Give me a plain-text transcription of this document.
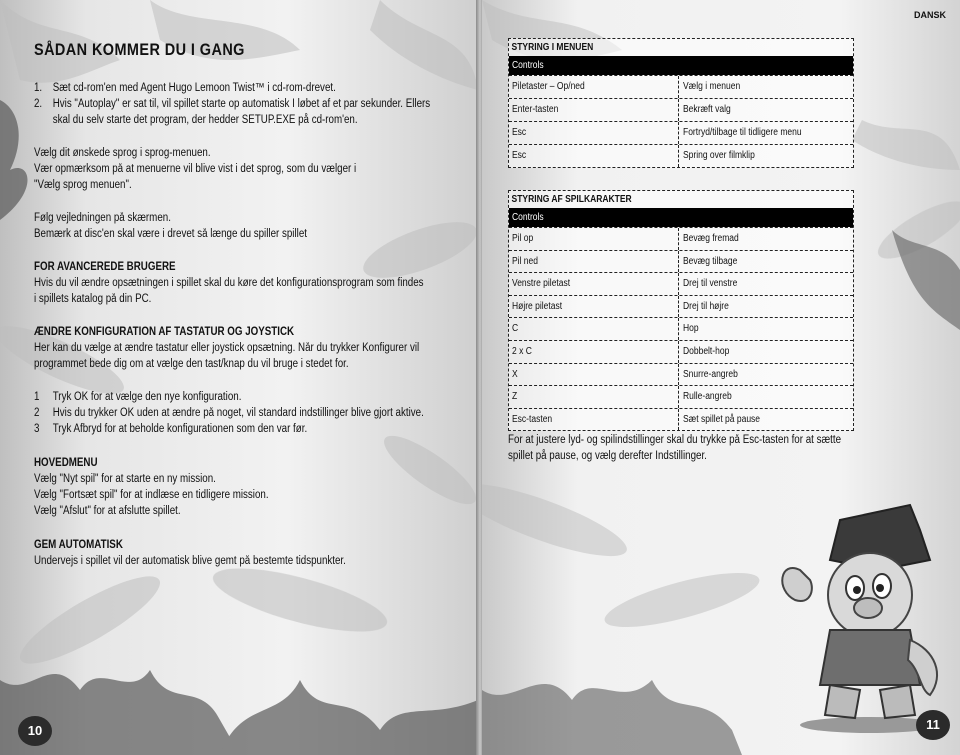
SÅDAN KOMMER DU I GANG
1. Sæt cd-rom'en med Agent Hugo Lemoon Twist™ i cd-rom-drevet.
2. Hvis "Autoplay" er sat til, vil spillet starte op automatisk I løbet af et par sekunder. Ellers
skal du selv starte det program, der hedder SETUP.EXE på cd-rom'en.
Vælg dit ønskede sprog i sprog-menuen.
Vær opmærksom på at menuerne vil blive vist i det sprog, som du vælger i
"Vælg sprog menuen".
Følg vejledningen på skærmen.
Bemærk at disc'en skal være i drevet så længe du spiller spillet
FOR AVANCEREDE BRUGERE
Hvis du vil ændre opsætningen i spillet skal du køre det konfigurationsprogram som findes
i spillets katalog på din PC.
ÆNDRE KONFIGURATION AF TASTATUR OG JOYSTICK
Her kan du vælge at ændre tastatur eller joystick opsætning. Når du trykker Konfigurer vil
programmet bede dig om at vælge den tast/knap du vil bruge i stedet for.
1 Tryk OK for at vælge den nye konfiguration.
2 Hvis du trykker OK uden at ændre på noget, vil standard indstillinger blive gjort aktive.
3 Tryk Afbryd for at beholde konfigurationen som den var før.
HOVEDMENU
Vælg "Nyt spil" for at starte en ny mission.
Vælg "Fortsæt spil" for at indlæse en tidligere mission.
Vælg "Afslut" for at afslutte spillet.
GEM AUTOMATISK
Undervejs i spillet vil der automatisk blive gemt på bestemte tidspunkter.
10
DANSK
STYRING I MENUEN
Controls
Piletaster – Op/ned	Vælg i menuen
Enter-tasten	Bekræft valg
Esc	Fortryd/tilbage til tidligere menu
Esc	Spring over filmklip
STYRING AF SPILKARAKTER
Controls
Pil op	Bevæg fremad
Pil ned	Bevæg tilbage
Venstre piletast	Drej til venstre
Højre piletast	Drej til højre
C	Hop
2 x C	Dobbelt-hop
X	Snurre-angreb
Z	Rulle-angreb
Esc-tasten	Sæt spillet på pause
For at justere lyd- og spilindstillinger skal du trykke på Esc-tasten for at sætte
spillet på pause, og vælg derefter Indstillinger.
11
